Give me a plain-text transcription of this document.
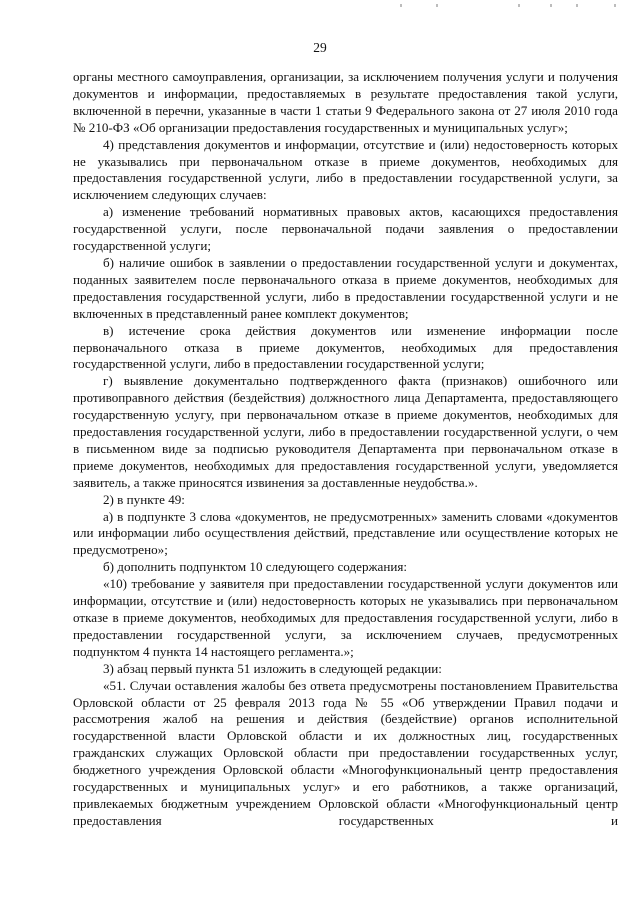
29

органы местного самоуправления, организации, за исключением получения услуги и получения документов и информации, предоставляемых в результате предоставления такой услуги, включенной в перечни, указанные в части 1 статьи 9 Федерального закона от 27 июля 2010 года № 210-ФЗ «Об организации предоставления государственных и муниципальных услуг»;

4) представления документов и информации, отсутствие и (или) недостоверность которых не указывались при первоначальном отказе в приеме документов, необходимых для предоставления государственной услуги, либо в предоставлении государственной услуги, за исключением следующих случаев:

а) изменение требований нормативных правовых актов, касающихся предоставления государственной услуги, после первоначальной подачи заявления о предоставлении государственной услуги;

б) наличие ошибок в заявлении о предоставлении государственной услуги и документах, поданных заявителем после первоначального отказа в приеме документов, необходимых для предоставления государственной услуги, либо в предоставлении государственной услуги и не включенных в представленный ранее комплект документов;

в) истечение срока действия документов или изменение информации после первоначального отказа в приеме документов, необходимых для предоставления государственной услуги, либо в предоставлении государственной услуги;

г) выявление документально подтвержденного факта (признаков) ошибочного или противоправного действия (бездействия) должностного лица Департамента, предоставляющего государственную услугу, при первоначальном отказе в приеме документов, необходимых для предоставления государственной услуги, либо в предоставлении государственной услуги, о чем в письменном виде за подписью руководителя Департамента при первоначальном отказе в приеме документов, необходимых для предоставления государственной услуги, уведомляется заявитель, а также приносятся извинения за доставленные неудобства.».

2) в пункте 49:

а) в подпункте 3 слова «документов, не предусмотренных» заменить словами «документов или информации либо осуществления действий, представление или осуществление которых не предусмотрено»;

б) дополнить подпунктом 10 следующего содержания:

«10) требование у заявителя при предоставлении государственной услуги документов или информации, отсутствие и (или) недостоверность которых не указывались при первоначальном отказе в приеме документов, необходимых для предоставления государственной услуги, либо в предоставлении государственной услуги, за исключением случаев, предусмотренных подпунктом 4 пункта 14 настоящего регламента.»;

3) абзац первый пункта 51 изложить в следующей редакции:

«51. Случаи оставления жалобы без ответа предусмотрены постановлением Правительства Орловской области от 25 февраля 2013 года № 55 «Об утверждении Правил подачи и рассмотрения жалоб на решения и действия (бездействие) органов исполнительной государственной власти Орловской области и их должностных лиц, государственных гражданских служащих Орловской области при предоставлении государственных услуг, бюджетного учреждения Орловской области «Многофункциональный центр предоставления государственных и муниципальных услуг» и его работников, а также организаций, привлекаемых бюджетным учреждением Орловской области «Многофункциональный центр предоставления государственных и
